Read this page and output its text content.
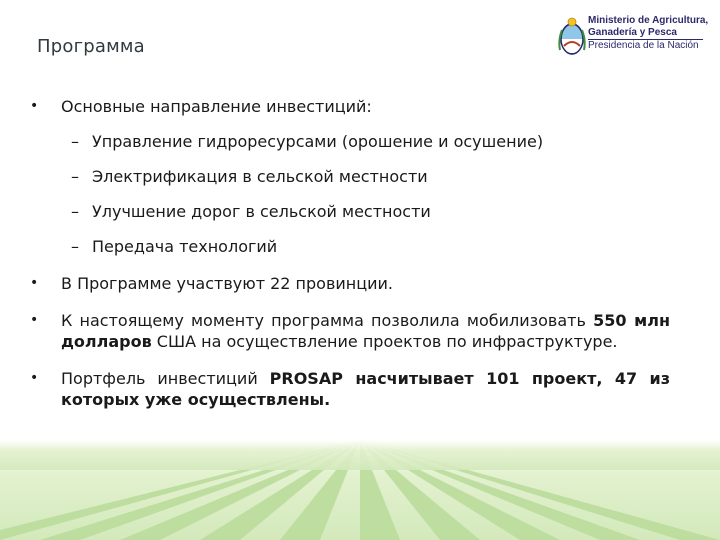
Программа
Ministerio de Agricultura,
Ganadería y Pesca
Presidencia de la Nación
• Основные направление инвестиций:
– Управление гидроресурсами (орошение и осушение)
– Электрификация в сельской местности
– Улучшение дорог в сельской местности
– Передача технологий
• В Программе участвуют 22 провинции.
• К настоящему моменту программа позволила мобилизовать 550 млн долларов США на осуществление проектов по инфраструктуре.
• Портфель инвестиций PROSAP насчитывает 101 проект, 47 из которых уже осуществлены.
